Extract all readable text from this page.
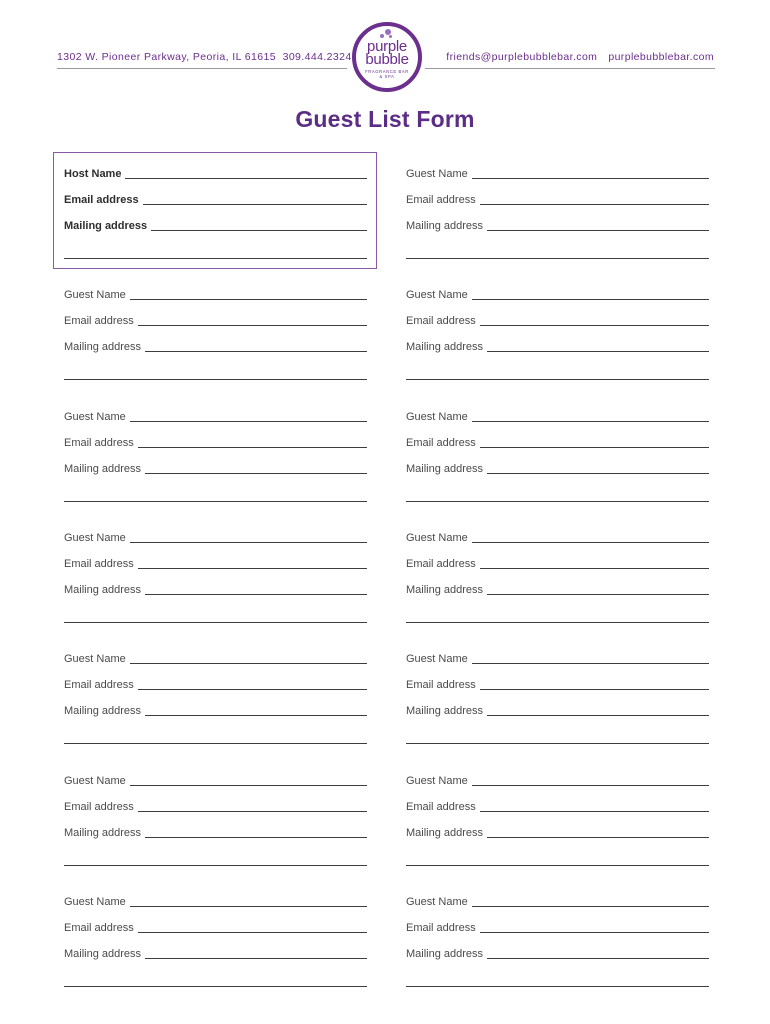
1302 W. Pioneer Parkway, Peoria, IL 61615 309.444.2324	friends@purplebubblebar.com purplebubblebar.com
purple
bubble
FRAGRANCE BAR
& SPA
Guest List Form
Host Name
Email address
Mailing address
Guest Name
Email address
Mailing address
Guest Name
Email address
Mailing address
Guest Name
Email address
Mailing address
Guest Name
Email address
Mailing address
Guest Name
Email address
Mailing address
Guest Name
Email address
Mailing address
Guest Name
Email address
Mailing address
Guest Name
Email address
Mailing address
Guest Name
Email address
Mailing address
Guest Name
Email address
Mailing address
Guest Name
Email address
Mailing address
Guest Name
Email address
Mailing address
Guest Name
Email address
Mailing address
